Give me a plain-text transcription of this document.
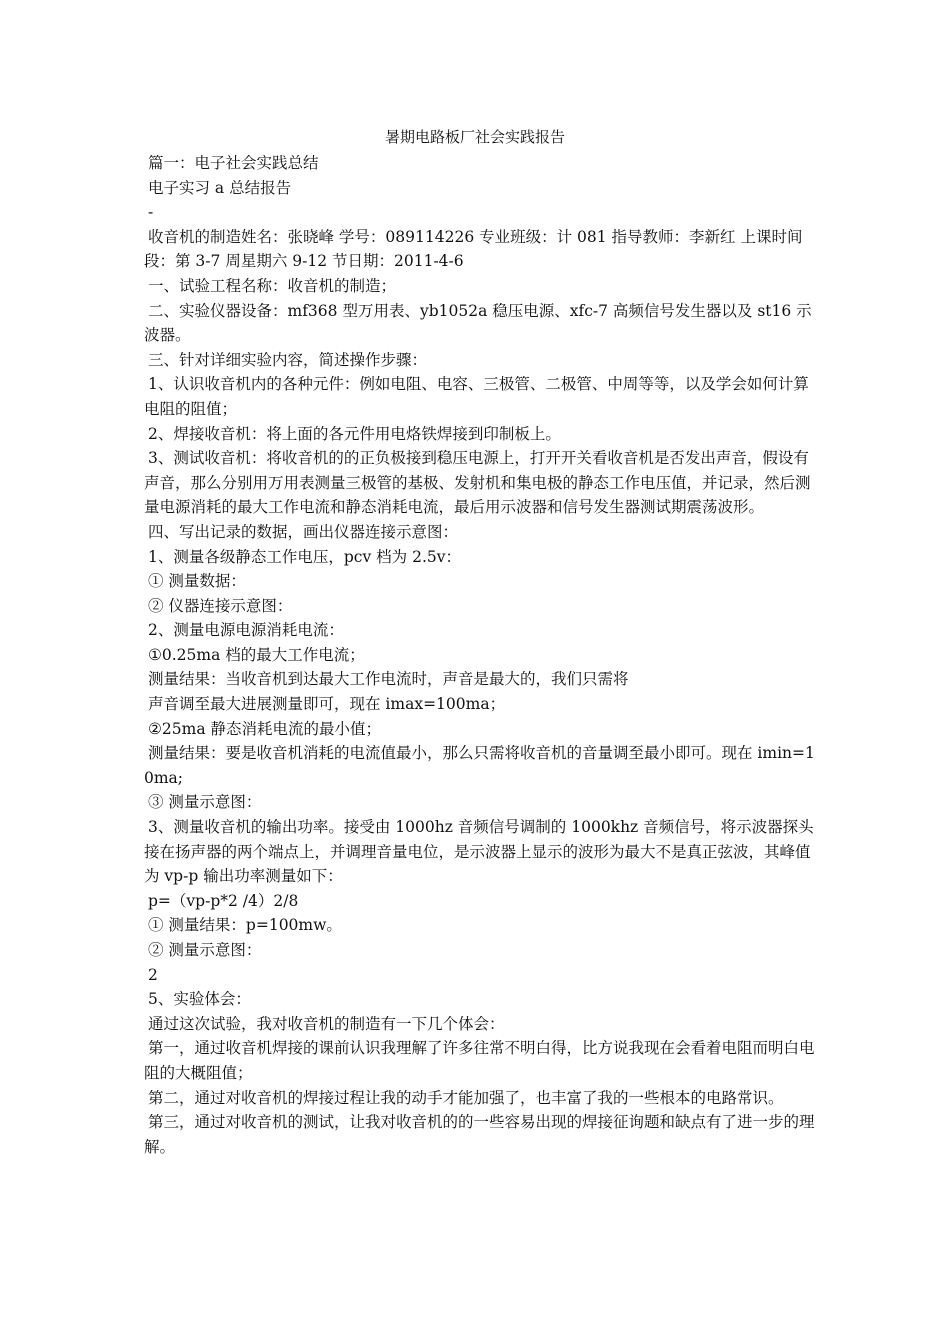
暑期电路板厂社会实践报告

篇一：电子社会实践总结

电子实习 a 总结报告

-

收音机的制造姓名：张晓峰 学号：089114226 专业班级：计 081 指导教师：李新红 上课时间段：第 3-7 周星期六 9-12 节日期：2011-4-6

一、试验工程名称：收音机的制造；

二、实验仪器设备：mf368 型万用表、yb1052a 稳压电源、xfc-7 高频信号发生器以及 st16 示波器。

三、针对详细实验内容，简述操作步骤：

1、认识收音机内的各种元件：例如电阻、电容、三极管、二极管、中周等等，以及学会如何计算电阻的阻值；

2、焊接收音机：将上面的各元件用电烙铁焊接到印制板上。

3、测试收音机：将收音机的的正负极接到稳压电源上，打开开关看收音机是否发出声音，假设有声音，那么分别用万用表测量三极管的基极、发射机和集电极的静态工作电压值，并记录，然后测量电源消耗的最大工作电流和静态消耗电流，最后用示波器和信号发生器测试期震荡波形。

四、写出记录的数据，画出仪器连接示意图：

1、测量各级静态工作电压，pcv 档为 2.5v：

① 测量数据：

② 仪器连接示意图：

2、测量电源电源消耗电流：

①0.25ma 档的最大工作电流；

测量结果：当收音机到达最大工作电流时，声音是最大的，我们只需将

声音调至最大进展测量即可，现在 imax=100ma；

②25ma 静态消耗电流的最小值；

测量结果：要是收音机消耗的电流值最小，那么只需将收音机的音量调至最小即可。现在 imin=10ma;

③ 测量示意图：

3、测量收音机的输出功率。接受由 1000hz 音频信号调制的 1000khz 音频信号，将示波器探头接在扬声器的两个端点上，并调理音量电位，是示波器上显示的波形为最大不是真正弦波，其峰值为 vp-p 输出功率测量如下：

p=（vp-p*2 /4）2/8

① 测量结果：p=100mw。

② 测量示意图：

2

5、实验体会：

通过这次试验，我对收音机的制造有一下几个体会：

第一，通过收音机焊接的课前认识我理解了许多往常不明白得，比方说我现在会看着电阻而明白电阻的大概阻值；

第二，通过对收音机的焊接过程让我的动手才能加强了，也丰富了我的一些根本的电路常识。

第三，通过对收音机的测试，让我对收音机的的一些容易出现的焊接征询题和缺点有了进一步的理解。
